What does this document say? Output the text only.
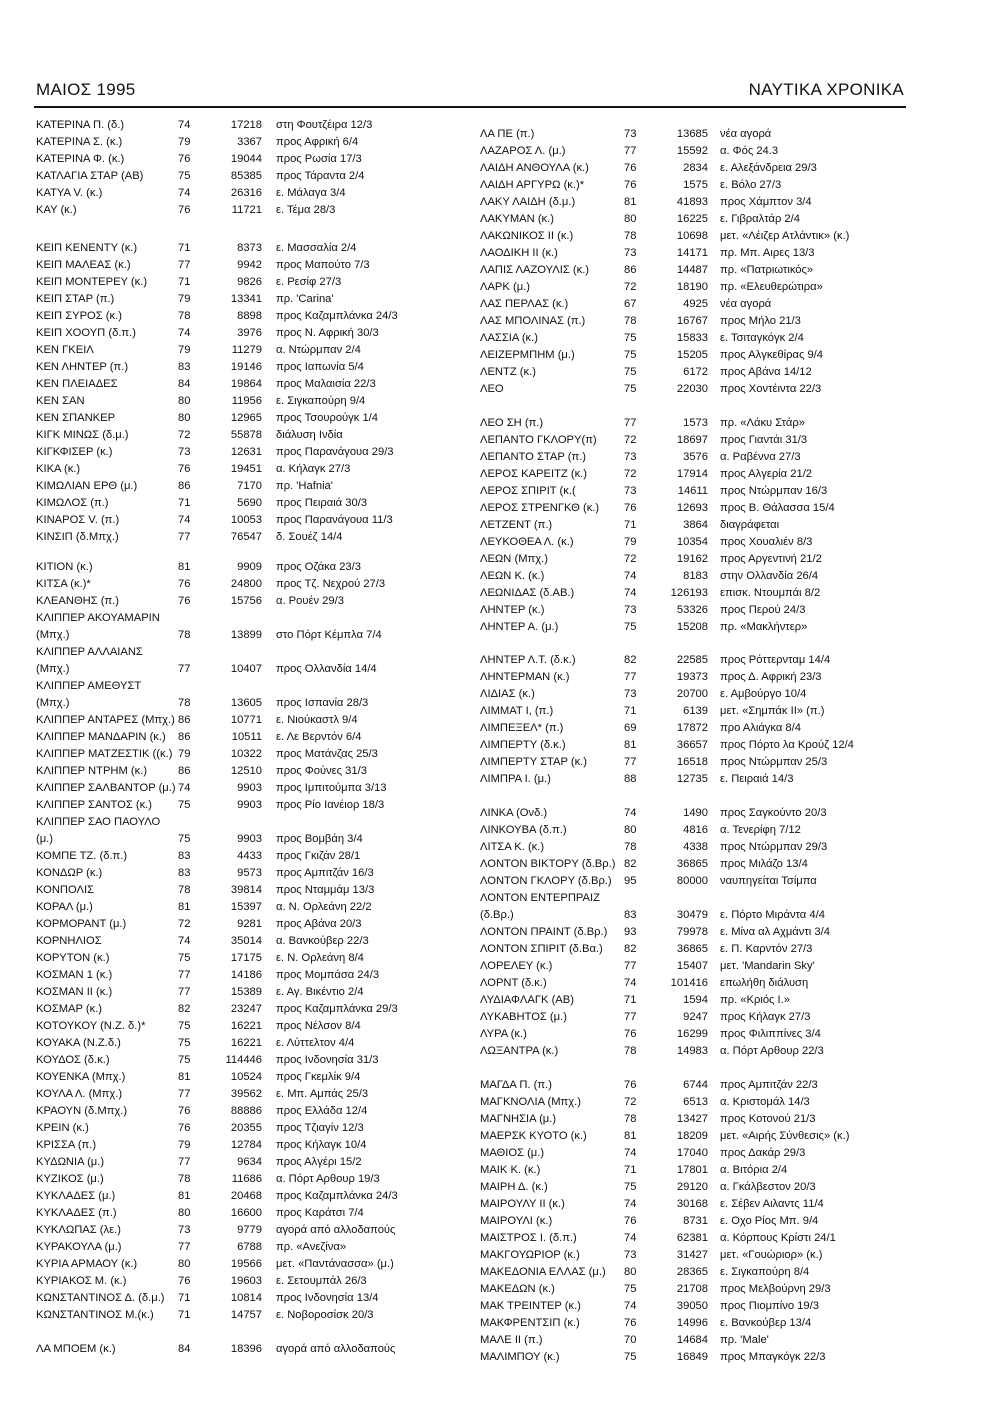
ΜΑΙΟΣ 1995	ΝΑΥΤΙΚΑ ΧΡΟΝΙΚΑ
ΚΑΤΕΡΙΝΑ Π. (δ.)	74	17218 στη Φουτζέιρα 12/3
ΚΑΤΕΡΙΝΑ Σ. (κ.)	79	3367 προς Αφρική 6/4
ΚΑΤΕΡΙΝΑ Φ. (κ.)	76	19044 προς Ρωσία 17/3
ΚΑΤΛΑΓΙΑ ΣΤΑΡ (ΑΒ)	75	85385 προς Τάραντα 2/4
ΚΑΤΥΑ V. (κ.)	74	26316 ε. Μάλαγα 3/4
ΚΑΥ (κ.)	76	11721 ε. Τέμα 28/3
ΚΕΙΠ ΚΕΝΕΝΤΥ (κ.)	71	8373 ε. Μασσαλία 2/4
ΚΕΙΠ ΜΑΛΕΑΣ (κ.)	77	9942 προς Μαπούτο 7/3
ΚΕΙΠ ΜΟΝΤΕΡΕΥ (κ.)	71	9826 ε. Ρεσίφ 27/3
ΚΕΙΠ ΣΤΑΡ (π.)	79	13341 πρ. 'Carina'
ΚΕΙΠ ΣΥΡΟΣ (κ.)	78	8898 προς Καζαμπλάνκα 24/3
ΚΕΙΠ ΧΟΟΥΠ (δ.π.)	74	3976 προς Ν. Αφρική 30/3
ΚΕΝ ΓΚΕΙΛ	79	11279 α. Ντώρμπαν 2/4
ΚΕΝ ΛΗΝΤΕΡ (π.)	83	19146 προς Ιαπωνία 5/4
ΚΕΝ ΠΛΕΙΑΔΕΣ	84	19864 προς Μαλαισία 22/3
ΚΕΝ ΣΑΝ	80	11956 ε. Σιγκαπούρη 9/4
ΚΕΝ ΣΠΑΝΚΕΡ	80	12965 προς Τσουρούγκ 1/4
ΚΙΓΚ ΜΙΝΩΣ (δ.μ.)	72	55878 διάλυση Ινδία
ΚΙΓΚΦΙΣΕΡ (κ.)	73	12631 προς Παρανάγουα 29/3
ΚΙΚΑ (κ.)	76	19451 α. Κήλαγκ 27/3
ΚΙΜΩΛΙΑΝ ΕΡΘ (μ.)	86	7170 πρ. 'Hafnia'
ΚΙΜΩΛΟΣ (π.)	71	5690 προς Πειραιά 30/3
ΚΙΝΑΡΟΣ V. (π.)	74	10053 προς Παρανάγουα 11/3
ΚΙΝΣΙΠ (δ.Μπχ.)	77	76547 δ. Σουέζ 14/4
ΚΙΤΙΟΝ (κ.)	81	9909 προς Οζάκα 23/3
ΚΙΤΣΑ (κ.)*	76	24800 προς Τζ. Νεχρού 27/3
ΚΛΕΑΝΘΗΣ (π.)	76	15756 α. Ρουέν 29/3
ΚΛΙΠΠΕΡ ΑΚΟΥΑΜΑΡΙΝ
(Μπχ.)	78	13899 στο Πόρτ Κέμπλα 7/4
ΚΛΙΠΠΕΡ ΑΛΛΑΙΑΝΣ
(Μπχ.)	77	10407 προς Ολλανδία 14/4
ΚΛΙΠΠΕΡ ΑΜΕΘΥΣΤ
(Μπχ.)	78	13605 προς Ισπανία 28/3
ΚΛΙΠΠΕΡ ΑΝΤΑΡΕΣ (Μπχ.) 86	10771 ε. Νιούκαστλ 9/4
ΚΛΙΠΠΕΡ ΜΑΝΔΑΡΙΝ (κ.) 86	10511 ε. Λε Βερντόν 6/4
ΚΛΙΠΠΕΡ ΜΑΤΖΕΣΤΙΚ ((κ.) 79	10322 προς Ματάνζας 25/3
ΚΛΙΠΠΕΡ ΝΤΡΗΜ (κ.)	86	12510 προς Φούνες 31/3
ΚΛΙΠΠΕΡ ΣΑΛΒΑΝΤΟΡ (μ.) 74	9903 προς Ιμπιτούμπα 3/13
ΚΛΙΠΠΕΡ ΣΑΝΤΟΣ (κ.) 75	9903 προς Ρίο Ιανέιορ 18/3
ΚΛΙΠΠΕΡ ΣΑΟ ΠΑΟΥΛΟ
(μ.)	75	9903 προς Βομβάη 3/4
ΚΟΜΠΕ ΤΖ. (δ.π.)	83	4433 προς Γκιζάν 28/1
ΚΟΝΔΩΡ (κ.)	83	9573 προς Αμπιτζάν 16/3
ΚΟΝΠΟΛΙΣ	78	39814 προς Νταμμάμ 13/3
ΚΟΡΑΛ (μ.)	81	15397 α. Ν. Ορλεάνη 22/2
ΚΟΡΜΟΡΑΝΤ (μ.)	72	9281 προς Αβάνα 20/3
ΚΟΡΝΗΛΙΟΣ	74	35014 α. Βανκούβερ 22/3
ΚΟΡΥΤΟΝ (κ.)	75	17175 ε. Ν. Ορλεάνη 8/4
ΚΟΣΜΑΝ 1 (κ.)	77	14186 προς Μομπάσα 24/3
ΚΟΣΜΑΝ ΙΙ (κ.)	77	15389 ε. Αγ. Βικέντιο 2/4
ΚΟΣΜΑΡ (κ.)	82	23247 προς Καζαμπλάνκα 29/3
ΚΟΤΟΥΚΟΥ (Ν.Ζ. δ.)*	75	16221 προς Νέλσον 8/4
ΚΟΥΑΚΑ (Ν.Ζ.δ.)	75	16221 ε. Λύττελτον 4/4
ΚΟΥΔΟΣ (δ.κ.)	75	114446 προς Ινδονησία 31/3
ΚΟΥΕΝΚΑ (Μπχ.)	81	10524 προς Γκεμλίκ 9/4
ΚΟΥΛΑ Λ. (Μπχ.)	77	39562 ε. Μπ. Αμπάς 25/3
ΚΡΑΟΥΝ (δ.Μπχ.)	76	88886 προς Ελλάδα 12/4
ΚΡΕΙΝ (κ.)	76	20355 προς Τζιαγίν 12/3
ΚΡΙΣΣΑ (π.)	79	12784 προς Κήλαγκ 10/4
ΚΥΔΩΝΙΑ (μ.)	77	9634 προς Αλγέρι 15/2
ΚΥΖΙΚΟΣ (μ.)	78	11686 α. Πόρτ Αρθουρ 19/3
ΚΥΚΛΑΔΕΣ (μ.)	81	20468 προς Καζαμπλάνκα 24/3
ΚΥΚΛΑΔΕΣ (π.)	80	16600 προς Καράτσι 7/4
ΚΥΚΛΩΠΑΣ (λε.)	73	9779 αγορά από αλλοδαπούς
ΚΥΡΑΚΟΥΛΑ (μ.)	77	6788 πρ. «Ανεζίνα»
ΚΥΡΙΑ ΑΡΜΑΟΥ (κ.)	80	19566 μετ. «Παντάνασσα» (μ.)
ΚΥΡΙΑΚΟΣ Μ. (κ.)	76	19603 ε. Σετουμπάλ 26/3
ΚΩΝΣΤΑΝΤΙΝΟΣ Δ. (δ.μ.) 71	10814 προς Ινδονησία 13/4
ΚΩΝΣΤΑΝΤΙΝΟΣ Μ.(κ.) 71	14757 ε. Νοβοροσίσκ 20/3
ΛΑ ΜΠΟΕΜ (κ.)	84	18396 αγορά από αλλοδαπούς
ΛΑ ΠΕ (π.)	73	13685 νέα αγορά
ΛΑΖΑΡΟΣ Λ. (μ.)	77	15592 α. Φός 24.3
ΛΑΙΔΗ ΑΝΘΟΥΛΑ (κ.)	76	2834 ε. Αλεξάνδρεια 29/3
ΛΑΙΔΗ ΑΡΓΥΡΩ (κ.)*	76	1575 ε. Βόλο 27/3
ΛΑΚΥ ΛΑΙΔΗ (δ.μ.)	81	41893 προς Χάμπτον 3/4
ΛΑΚΥΜΑΝ (κ.)	80	16225 ε. Γιβραλτάρ 2/4
ΛΑΚΩΝΙΚΟΣ ΙΙ (κ.)	78	10698 μετ. «Λέιζερ Ατλάντικ» (κ.)
ΛΑΟΔΙΚΗ ΙΙ (κ.)	73	14171 πρ. Μπ. Αιρες 13/3
ΛΑΠΙΣ ΛΑΖΟΥΛΙΣ (κ.)	86	14487 πρ. «Πατριωτικός»
ΛΑΡΚ (μ.)	72	18190 πρ. «Ελευθερώτιρα»
ΛΑΣ ΠΕΡΛΑΣ (κ.)	67	4925 νέα αγορά
ΛΑΣ ΜΠΟΛΙΝΑΣ (π.)	78	16767 προς Μήλο 21/3
ΛΑΣΣΙΑ (κ.)	75	15833 ε. Τσιταγκόγκ 2/4
ΛΕΙΖΕΡΜΠΗΜ (μ.)	75	15205 προς Αλγκεθίρας 9/4
ΛΕΝΤΖ (κ.)	75	6172 προς Αβάνα 14/12
ΛΕΟ	75	22030 προς Χοντέιντα 22/3
ΛΕΟ ΣΗ (π.)	77	1573 πρ. «Λάκυ Στάρ»
ΛΕΠΑΝΤΟ ΓΚΛΟΡΥ(π) 72	18697 προς Γιαντάι 31/3
ΛΕΠΑΝΤΟ ΣΤΑΡ (π.)	73	3576 α. Ραβέννα 27/3
ΛΕΡΟΣ ΚΑΡΕΙΤΖ (κ.)	72	17914 προς Αλγερία 21/2
ΛΕΡΟΣ ΣΠΙΡΙΤ (κ.(	73	14611 προς Ντώρμπαν 16/3
ΛΕΡΟΣ ΣΤΡΕΝΓΚΘ (κ.) 76	12693 προς Β. Θάλασσα 15/4
ΛΕΤΖΕΝΤ (π.)	71	3864 διαγράφεται
ΛΕΥΚΟΘΕΑ Λ. (κ.)	79	10354 προς Χουαλιέν 8/3
ΛΕΩΝ (Μπχ.)	72	19162 προς Αργεντινή 21/2
ΛΕΩΝ Κ. (κ.)	74	8183 στην Ολλανδία 26/4
ΛΕΩΝΙΔΑΣ (δ.ΑΒ.)	74	126193 επισκ. Ντουμπάι 8/2
ΛΗΝΤΕΡ (κ.)	73	53326 προς Περού 24/3
ΛΗΝΤΕΡ Α. (μ.)	75	15208 πρ. «Μακλήντερ»
ΛΗΝΤΕΡ Λ.Τ. (δ.κ.)	82	22585 προς Ρόττερνταμ 14/4
ΛΗΝΤΕΡΜΑΝ (κ.)	77	19373 προς Δ. Αφρική 23/3
ΛΙΔΙΑΣ (κ.)	73	20700 ε. Αμβούργο 10/4
ΛΙΜΜΑΤ Ι, (π.)	71	6139 μετ. «Σημπάκ ΙΙ» (π.)
ΛΙΜΠΕΞΕΛ* (π.)	69	17872 προ Αλιάγκα 8/4
ΛΙΜΠΕΡΤΥ (δ.κ.)	81	36657 προς Πόρτο λα Κρούζ 12/4
ΛΙΜΠΕΡΤΥ ΣΤΑΡ (κ.)	77	16518 προς Ντώρμπαν 25/3
ΛΙΜΠΡΑ Ι. (μ.)	88	12735 ε. Πειραιά 14/3
ΛΙΝΚΑ (Ονδ.)	74	1490 προς Σαγκούντο 20/3
ΛΙΝΚΟΥΒΑ (δ.π.)	80	4816 α. Τενερίφη 7/12
ΛΙΤΣΑ Κ. (κ.)	78	4338 προς Ντώρμπαν 29/3
ΛΟΝΤΟΝ ΒΙΚΤΟΡΥ (δ.Βρ.) 82	36865 προς Μιλάζο 13/4
ΛΟΝΤΟΝ ΓΚΛΟΡΥ (δ.Βρ.) 95	80000 ναυπηγείται Τσίμπα
ΛΟΝΤΟΝ ΕΝΤΕΡΠΡΑΙΖ
(δ.Βρ.)	83	30479 ε. Πόρτο Μιράντα 4/4
ΛΟΝΤΟΝ ΠΡΑΙΝΤ (δ.Βρ.) 93	79978 ε. Μίνα αλ Αχμάντι 3/4
ΛΟΝΤΟΝ ΣΠΙΡΙΤ (δ.Βα.) 82	36865 ε. Π. Καρντόν 27/3
ΛΟΡΕΛΕΥ (κ.)	77	15407 μετ. 'Mandarin Sky'
ΛΟΡΝΤ (δ.κ.)	74	101416 επωλήθη διάλυση
ΛΥΔΙΑΦΛΑΓΚ (ΑΒ)	71	1594 πρ. «Κριός Ι.»
ΛΥΚΑΒΗΤΟΣ (μ.)	77	9247 προς Κήλαγκ 27/3
ΛΥΡΑ (κ.)	76	16299 προς Φιλιππίνες 3/4
ΛΩΞΑΝΤΡΑ (κ.)	78	14983 α. Πόρτ Αρθουρ 22/3
ΜΑΓΔΑ Π. (π.)	76	6744 προς Αμπιτζάν 22/3
ΜΑΓΚΝΟΛΙΑ (Μπχ.)	72	6513 α. Κριστομάλ 14/3
ΜΑΓΝΗΣΙΑ (μ.)	78	13427 προς Κοτονού 21/3
ΜΑΕΡΣΚ ΚΥΟΤΟ (κ.)	81	18209 μετ. «Αιρής Σύνθεσις» (κ.)
ΜΑΘΙΟΣ (μ.)	74	17040 προς Δακάρ 29/3
ΜΑΙΚ Κ. (κ.)	71	17801 α. Βιτόρια 2/4
ΜΑΙΡΗ Δ. (κ.)	75	29120 α. Γκάλβεστον 20/3
ΜΑΙΡΟΥΛΥ ΙΙ (κ.)	74	30168 ε. Σέβεν Αιλαντς 11/4
ΜΑΙΡΟΥΛΙ (κ.)	76	8731 ε. Οχο Ρίος Μπ. 9/4
ΜΑΙΣΤΡΟΣ Ι. (δ.π.)	74	62381 α. Κόρπους Κρίστι 24/1
ΜΑΚΓΟΥΩΡΙΟΡ (κ.)	73	31427 μετ. «Γουώριορ» (κ.)
ΜΑΚΕΔΟΝΙΑ ΕΛΛΑΣ (μ.) 80	28365 ε. Σιγκαπούρη 8/4
ΜΑΚΕΔΩΝ (κ.)	75	21708 προς Μελβούρνη 29/3
ΜΑΚ ΤΡΕΙΝΤΕΡ (κ.)	74	39050 προς Πιομπίνο 19/3
ΜΑΚΦΡΕΝΤΣΙΠ (κ.)	76	14996 ε. Βανκούβερ 13/4
ΜΑΛΕ ΙΙ (π.)	70	14684 πρ. 'Male'
ΜΑΛΙΜΠΟΥ (κ.)	75	16849 προς Μπαγκόγκ 22/3
